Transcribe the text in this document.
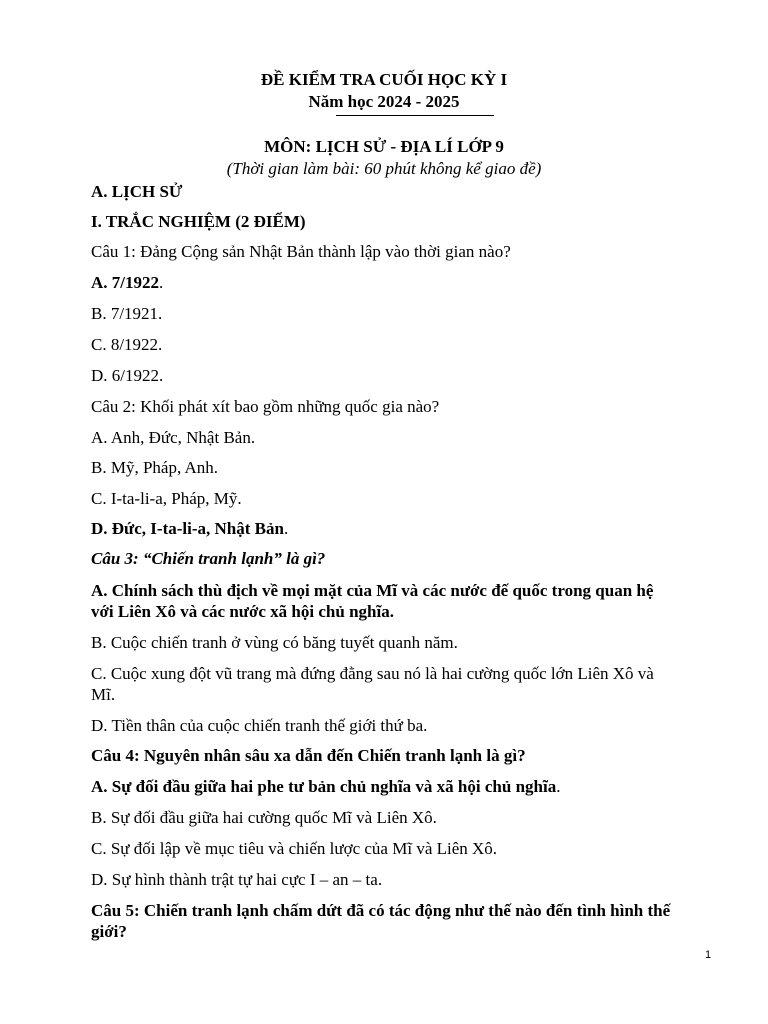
ĐỀ KIỂM TRA CUỐI HỌC KỲ I
Năm học 2024 - 2025
MÔN: LỊCH SỬ - ĐỊA LÍ LỚP 9
(Thời gian làm bài: 60 phút không kể giao đề)
A. LỊCH SỬ
I. TRẮC NGHIỆM (2 ĐIỂM)
Câu 1: Đảng Cộng sản Nhật Bản thành lập vào thời gian nào?
A. 7/1922.
B. 7/1921.
C. 8/1922.
D. 6/1922.
Câu 2: Khối phát xít bao gồm những quốc gia nào?
A. Anh, Đức, Nhật Bản.
B. Mỹ, Pháp, Anh.
C. I-ta-li-a, Pháp, Mỹ.
D. Đức, I-ta-li-a, Nhật Bản.
Câu 3: “Chiến tranh lạnh” là gì?
A. Chính sách thù địch về mọi mặt của Mĩ và các nước đế quốc trong quan hệ
với Liên Xô và các nước xã hội chủ nghĩa.
B. Cuộc chiến tranh ở vùng có băng tuyết quanh năm.
C. Cuộc xung đột vũ trang mà đứng đằng sau nó là hai cường quốc lớn Liên Xô và
Mĩ.
D. Tiền thân của cuộc chiến tranh thế giới thứ ba.
Câu 4: Nguyên nhân sâu xa dẫn đến Chiến tranh lạnh là gì?
A. Sự đối đầu giữa hai phe tư bản chủ nghĩa và xã hội chủ nghĩa.
B. Sự đối đầu giữa hai cường quốc Mĩ và Liên Xô.
C. Sự đối lập về mục tiêu và chiến lược của Mĩ và Liên Xô.
D. Sự hình thành trật tự hai cực I – an – ta.
Câu 5: Chiến tranh lạnh chấm dứt đã có tác động như thế nào đến tình hình thế
giới?
1
